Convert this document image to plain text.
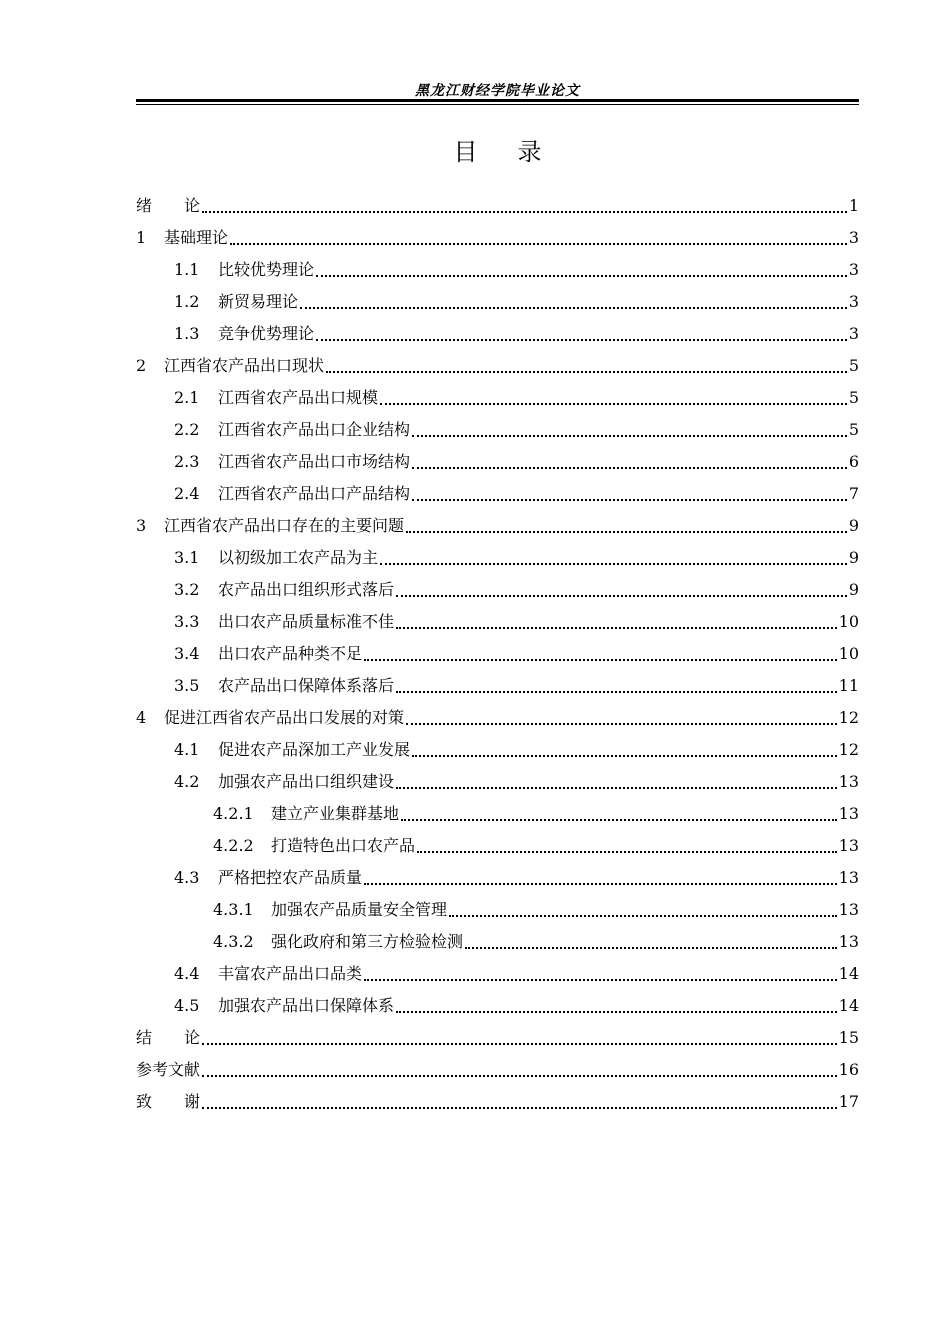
黑龙江财经学院毕业论文
目录
绪　　论	1
1	基础理论	3
1.1	比较优势理论	3
1.2	新贸易理论	3
1.3	竞争优势理论	3
2	江西省农产品出口现状	5
2.1	江西省农产品出口规模	5
2.2	江西省农产品出口企业结构	5
2.3	江西省农产品出口市场结构	6
2.4	江西省农产品出口产品结构	7
3	江西省农产品出口存在的主要问题	9
3.1	以初级加工农产品为主	9
3.2	农产品出口组织形式落后	9
3.3	出口农产品质量标准不佳	10
3.4	出口农产品种类不足	10
3.5	农产品出口保障体系落后	11
4	促进江西省农产品出口发展的对策	12
4.1	促进农产品深加工产业发展	12
4.2	加强农产品出口组织建设	13
4.2.1	建立产业集群基地	13
4.2.2	打造特色出口农产品	13
4.3	严格把控农产品质量	13
4.3.1	加强农产品质量安全管理	13
4.3.2	强化政府和第三方检验检测	13
4.4	丰富农产品出口品类	14
4.5	加强农产品出口保障体系	14
结　　论	15
参考文献	16
致　　谢	17
